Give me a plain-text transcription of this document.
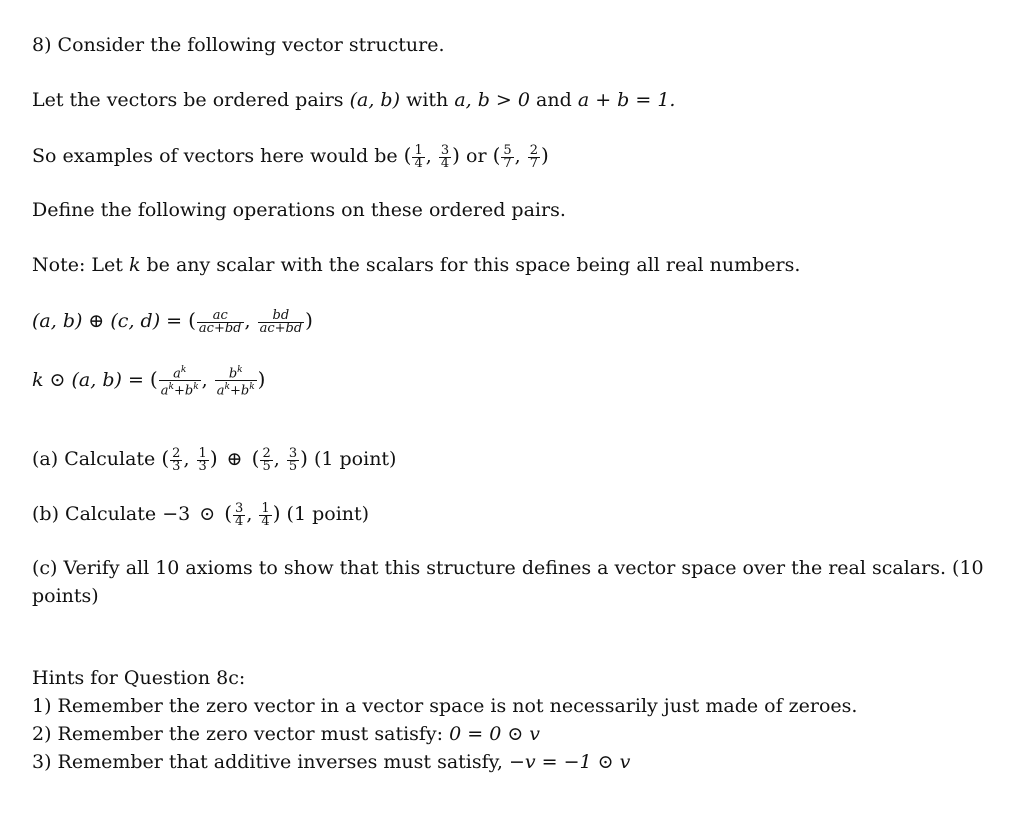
8) Consider the following vector structure.
Let the vectors be ordered pairs (a, b) with a, b > 0 and a + b = 1.
So examples of vectors here would be ( $\frac{1}{4}$ , $\frac{3}{4}$ ) or ( $\frac{5}{7}$ , $\frac{2}{7}$ )
Define the following operations on these ordered pairs.
Note: Let k be any scalar with the scalars for this space being all real numbers.
(a, b) ⊕ (c, d) = ( $\frac{ac}{ac+bd}$ , $\frac{bd}{ac+bd}$ )
k ⊙ (a, b) = ( $\frac{a^k}{a^k+b^k}$ , $\frac{b^k}{a^k+b^k}$ )
(a) Calculate ( $\frac{2}{3}$ , $\frac{1}{3}$ ) ⊕ ( $\frac{2}{5}$ , $\frac{3}{5}$ ) (1 point)
(b) Calculate −3 ⊙ ( $\frac{3}{4}$ , $\frac{1}{4}$ ) (1 point)
(c) Verify all 10 axioms to show that this structure defines a vector space over the real scalars. (10 points)
Hints for Question 8c:
1) Remember the zero vector in a vector space is not necessarily just made of zeroes.
2) Remember the zero vector must satisfy: 0 = 0 ⊙ v
3) Remember that additive inverses must satisfy, −v = −1 ⊙ v
